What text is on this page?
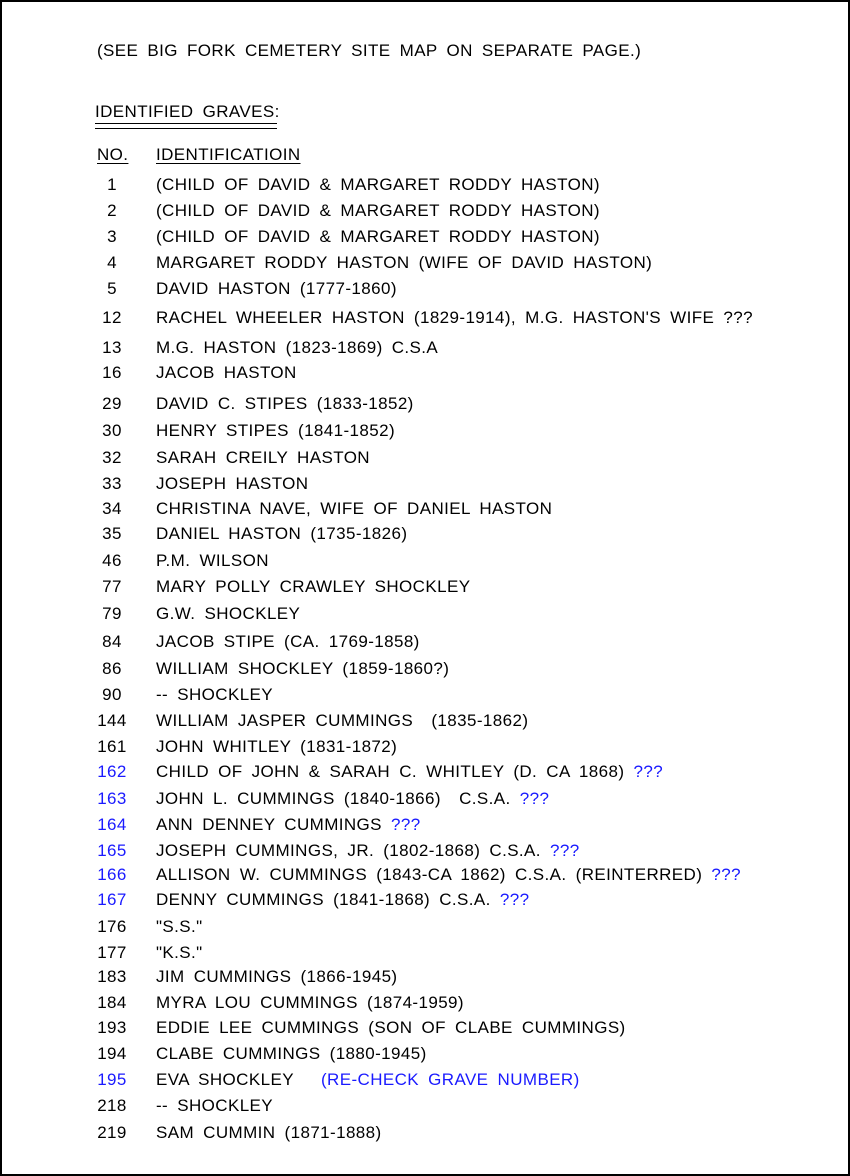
(SEE BIG FORK CEMETERY SITE MAP ON SEPARATE PAGE.)
IDENTIFIED GRAVES:
NO. IDENTIFICATIOIN
1	(CHILD OF DAVID & MARGARET RODDY HASTON)
2	(CHILD OF DAVID & MARGARET RODDY HASTON)
3	(CHILD OF DAVID & MARGARET RODDY HASTON)
4	MARGARET RODDY HASTON (WIFE OF DAVID HASTON)
5	DAVID HASTON (1777-1860)
12	RACHEL WHEELER HASTON (1829-1914), M.G. HASTON'S WIFE ???
13	M.G. HASTON (1823-1869) C.S.A
16	JACOB HASTON
29	DAVID C. STIPES (1833-1852)
30	HENRY STIPES (1841-1852)
32	SARAH CREILY HASTON
33	JOSEPH HASTON
34	CHRISTINA NAVE, WIFE OF DANIEL HASTON
35	DANIEL HASTON (1735-1826)
46	P.M. WILSON
77	MARY POLLY CRAWLEY SHOCKLEY
79	G.W. SHOCKLEY
84	JACOB STIPE (CA. 1769-1858)
86	WILLIAM SHOCKLEY (1859-1860?)
90	-- SHOCKLEY
144	WILLIAM JASPER CUMMINGS  (1835-1862)
161	JOHN WHITLEY (1831-1872)
162	CHILD OF JOHN & SARAH C. WHITLEY (D. CA 1868) ???
163	JOHN L. CUMMINGS (1840-1866)  C.S.A. ???
164	ANN DENNEY CUMMINGS ???
165	JOSEPH CUMMINGS, JR. (1802-1868) C.S.A. ???
166	ALLISON W. CUMMINGS (1843-CA 1862) C.S.A. (REINTERRED) ???
167	DENNY CUMMINGS (1841-1868) C.S.A. ???
176	"S.S."
177	"K.S."
183	JIM CUMMINGS (1866-1945)
184	MYRA LOU CUMMINGS (1874-1959)
193	EDDIE LEE CUMMINGS (SON OF CLABE CUMMINGS)
194	CLABE CUMMINGS (1880-1945)
195	EVA SHOCKLEY   (RE-CHECK GRAVE NUMBER)
218	-- SHOCKLEY
219	SAM CUMMIN (1871-1888)
